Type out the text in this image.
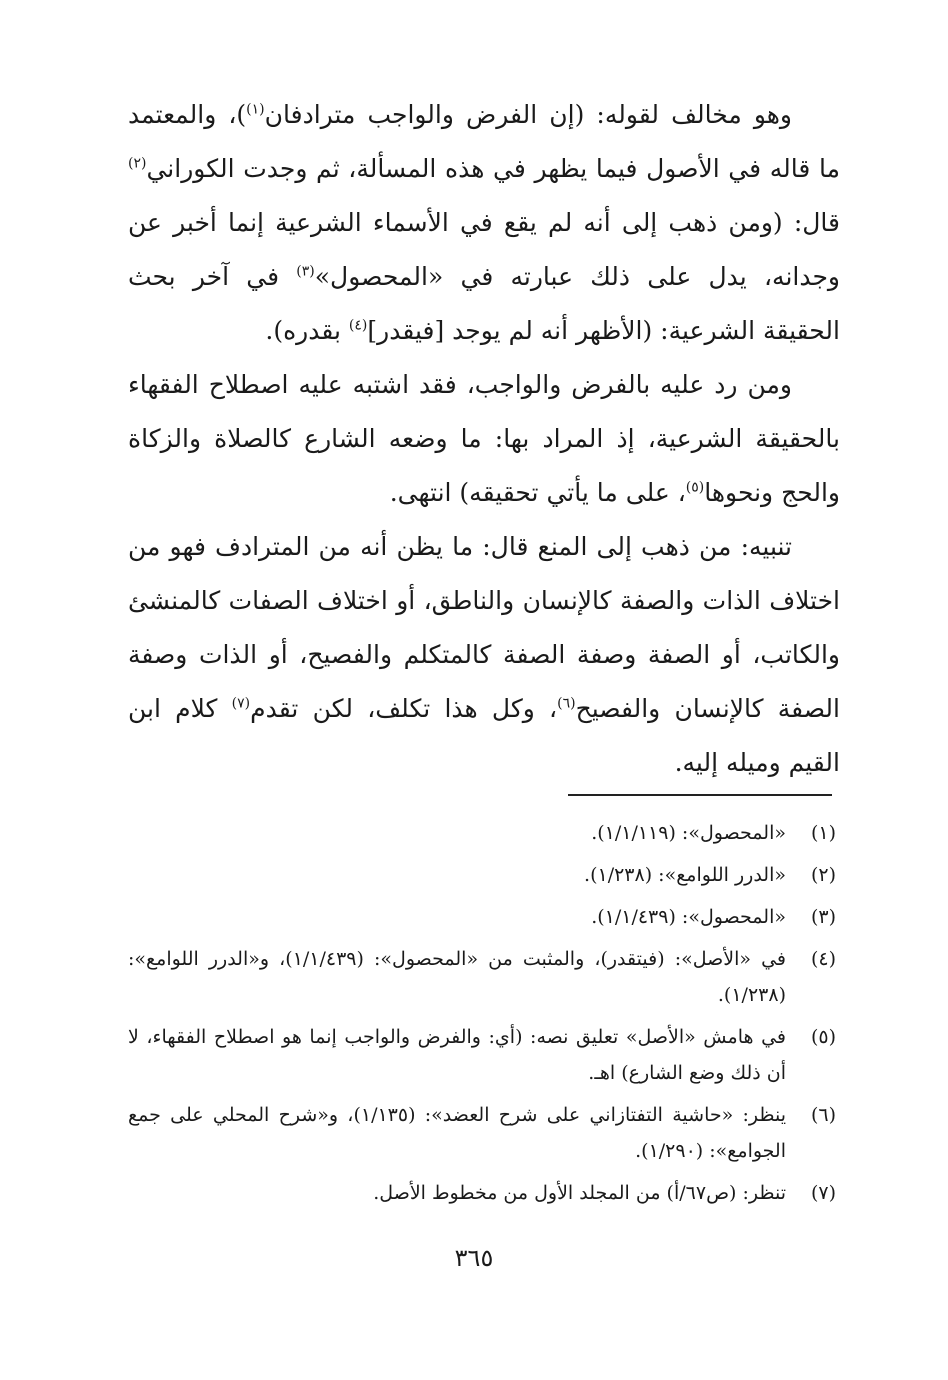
وهو مخالف لقوله: (إن الفرض والواجب مترادفان$^{(١)}$)، والمعتمد ما قاله في الأصول فيما يظهر في هذه المسألة، ثم وجدت الكوراني$^{(٢)}$ قال: (ومن ذهب إلى أنه لم يقع في الأسماء الشرعية إنما أخبر عن وجدانه، يدل على ذلك عبارته في «المحصول»$^{(٣)}$ في آخر بحث الحقيقة الشرعية: (الأظهر أنه لم يوجد [فيقدر]$^{(٤)}$ بقدره).

ومن رد عليه بالفرض والواجب، فقد اشتبه عليه اصطلاح الفقهاء بالحقيقة الشرعية، إذ المراد بها: ما وضعه الشارع كالصلاة والزكاة والحج ونحوها$^{(٥)}$، على ما يأتي تحقيقه) انتهى.

تنبيه: من ذهب إلى المنع قال: ما يظن أنه من المترادف فهو من اختلاف الذات والصفة كالإنسان والناطق، أو اختلاف الصفات كالمنشئ والكاتب، أو الصفة وصفة الصفة كالمتكلم والفصيح، أو الذات وصفة الصفة كالإنسان والفصيح$^{(٦)}$، وكل هذا تكلف، لكن تقدم$^{(٧)}$ كلام ابن القيم وميله إليه.

(١)
«المحصول»: (١/١/١١٩).
(٢)
«الدرر اللوامع»: (١/٢٣٨).
(٣)
«المحصول»: (١/١/٤٣٩).
(٤)
في «الأصل»: (فيتقدر)، والمثبت من «المحصول»: (١/١/٤٣٩)، و«الدرر اللوامع»: (١/٢٣٨).
(٥)
في هامش «الأصل» تعليق نصه: (أي: والفرض والواجب إنما هو اصطلاح الفقهاء، لا أن ذلك وضع الشارع) اهـ.
(٦)
ينظر: «حاشية التفتازاني على شرح العضد»: (١/١٣٥)، و«شرح المحلي على جمع الجوامع»: (١/٢٩٠).
(٧)
تنظر: (ص٦٧/أ) من المجلد الأول من مخطوط الأصل.
٣٦٥
